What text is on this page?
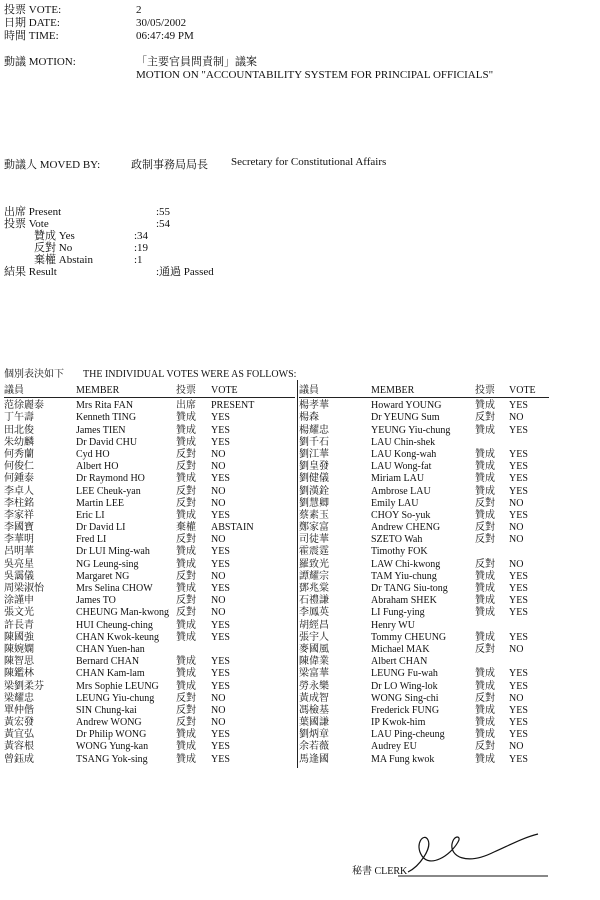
投票 VOTE:	2
日期 DATE:	30/05/2002
時間 TIME:	06:47:49 PM
動議 MOTION:	「主要官員問責制」議案
MOTION ON "ACCOUNTABILITY SYSTEM FOR PRINCIPAL OFFICIALS"
動議人 MOVED BY:	政制事務局局長 Secretary for Constitutional Affairs
出席 Present	:55
投票 Vote	:54
贊成 Yes	:34
反對 No	:19
棄權 Abstain	:1
結果 Result	:通過 Passed
個別表決如下 THE INDIVIDUAL VOTES WERE AS FOLLOWS:
議員	MEMBER	投票	VOTE
范徐麗泰	Mrs Rita FAN	出席	PRESENT
丁午壽	Kenneth TING	贊成	YES
田北俊	James TIEN	贊成	YES
朱幼麟	Dr David CHU	贊成	YES
何秀蘭	Cyd HO	反對	NO
何俊仁	Albert HO	反對	NO
何鍾泰	Dr Raymond HO	贊成	YES
李卓人	LEE Cheuk-yan	反對	NO
李柱銘	Martin LEE	反對	NO
李家祥	Eric LI	贊成	YES
李國寶	Dr David LI	棄權	ABSTAIN
李華明	Fred LI	反對	NO
呂明華	Dr LUI Ming-wah	贊成	YES
吳亮星	NG Leung-sing	贊成	YES
吳靄儀	Margaret NG	反對	NO
周梁淑怡	Mrs Selina CHOW	贊成	YES
涂謹申	James TO	反對	NO
張文光	CHEUNG Man-kwong 反對	NO
許長青	HUI Cheung-ching	贊成	YES
陳國強	CHAN Kwok-keung	贊成	YES
陳婉嫻	CHAN Yuen-han
陳智思	Bernard CHAN	贊成	YES
陳鑑林	CHAN Kam-lam	贊成	YES
梁劉柔芬	Mrs Sophie LEUNG	贊成	YES
梁耀忠	LEUNG Yiu-chung	反對	NO
單仲偕	SIN Chung-kai	反對	NO
黃宏發	Andrew WONG	反對	NO
黃宜弘	Dr Philip WONG	贊成	YES
黃容根	WONG Yung-kan	贊成	YES
曾鈺成	TSANG Yok-sing	贊成	YES
議員	MEMBER	投票	VOTE
楊孝華	Howard YOUNG	贊成	YES
楊森	Dr YEUNG Sum	反對	NO
楊耀忠	YEUNG Yiu-chung	贊成	YES
劉千石	LAU Chin-shek
劉江華	LAU Kong-wah	贊成	YES
劉皇發	LAU Wong-fat	贊成	YES
劉健儀	Miriam LAU	贊成	YES
劉漢銓	Ambrose LAU	贊成	YES
劉慧卿	Emily LAU	反對	NO
蔡素玉	CHOY So-yuk	贊成	YES
鄭家富	Andrew CHENG	反對	NO
司徒華	SZETO Wah	反對	NO
霍震霆	Timothy FOK
羅致光	LAW Chi-kwong	反對	NO
譚耀宗	TAM Yiu-chung	贊成	YES
鄧兆棠	Dr TANG Siu-tong	贊成	YES
石禮謙	Abraham SHEK	贊成	YES
李鳳英	LI Fung-ying	贊成	YES
胡經昌	Henry WU
張宇人	Tommy CHEUNG	贊成	YES
麥國風	Michael MAK	反對	NO
陳偉業	Albert CHAN
梁富華	LEUNG Fu-wah	贊成	YES
勞永樂	Dr LO Wing-lok	贊成	YES
黃成智	WONG Sing-chi	反對	NO
馮檢基	Frederick FUNG	贊成	YES
葉國謙	IP Kwok-him	贊成	YES
劉炳章	LAU Ping-cheung	贊成	YES
余若薇	Audrey EU	反對	NO
馬逢國	MA Fung kwok	贊成	YES
秘書 CLERK
